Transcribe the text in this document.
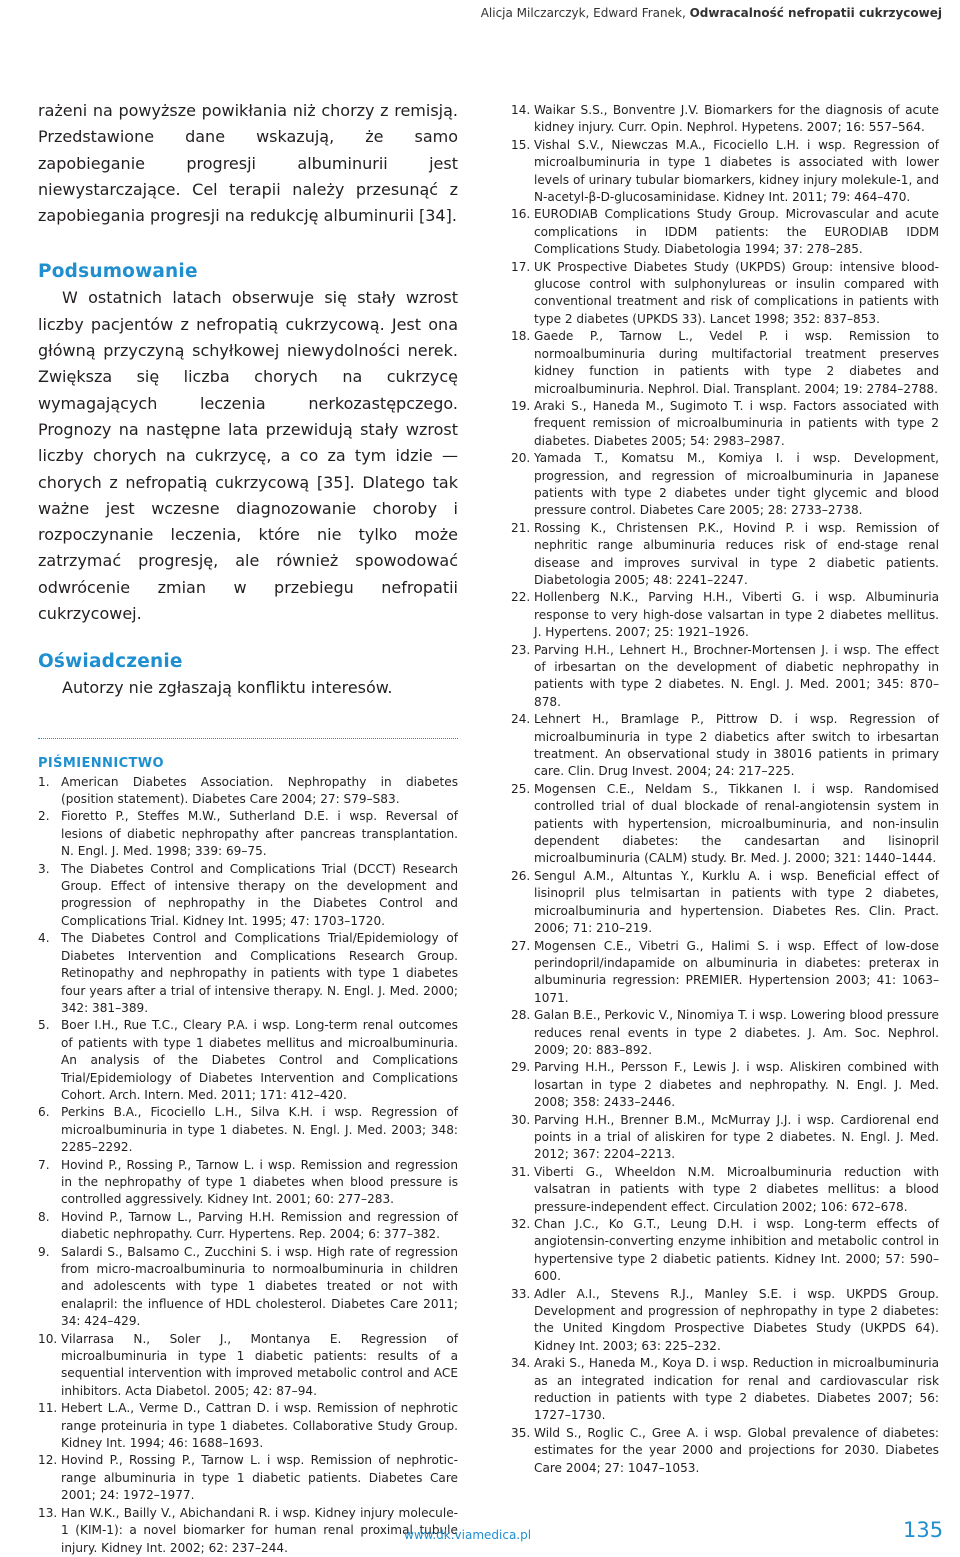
Alicja Milczarczyk, Edward Franek, Odwracalność nefropatii cukrzycowej

rażeni na powyższe powikłania niż chorzy z remisją. Przedstawione dane wskazują, że samo zapobieganie progresji albuminurii jest niewystarczające. Cel terapii należy przesunąć z zapobiegania progresji na redukcję albuminurii [34].

Podsumowanie

W ostatnich latach obserwuje się stały wzrost liczby pacjentów z nefropatią cukrzycową. Jest ona główną przyczyną schyłkowej niewydolności nerek. Zwiększa się liczba chorych na cukrzycę wymagających leczenia nerkozastępczego. Prognozy na następne lata przewidują stały wzrost liczby chorych na cukrzycę, a co za tym idzie — chorych z nefropatią cukrzycową [35]. Dlatego tak ważne jest wczesne diagnozowanie choroby i rozpoczynanie leczenia, które nie tylko może zatrzymać progresję, ale również spowodować odwrócenie zmian w przebiegu nefropatii cukrzycowej.

Oświadczenie

Autorzy nie zgłaszają konfliktu interesów.

PIŚMIENNICTWO
1. American Diabetes Association. Nephropathy in diabetes (position statement). Diabetes Care 2004; 27: S79–S83.
2. Fioretto P., Steffes M.W., Sutherland D.E. i wsp. Reversal of lesions of diabetic nephropathy after pancreas transplantation. N. Engl. J. Med. 1998; 339: 69–75.
3. The Diabetes Control and Complications Trial (DCCT) Research Group. Effect of intensive therapy on the development and progression of nephropathy in the Diabetes Control and Complications Trial. Kidney Int. 1995; 47: 1703–1720.
4. The Diabetes Control and Complications Trial/Epidemiology of Diabetes Intervention and Complications Research Group. Retinopathy and nephropathy in patients with type 1 diabetes four years after a trial of intensive therapy. N. Engl. J. Med. 2000; 342: 381–389.
5. Boer I.H., Rue T.C., Cleary P.A. i wsp. Long-term renal outcomes of patients with type 1 diabetes mellitus and microalbuminuria. An analysis of the Diabetes Control and Complications Trial/Epidemiology of Diabetes Intervention and Complications Cohort. Arch. Intern. Med. 2011; 171: 412–420.
6. Perkins B.A., Ficociello L.H., Silva K.H. i wsp. Regression of microalbuminuria in type 1 diabetes. N. Engl. J. Med. 2003; 348: 2285–2292.
7. Hovind P., Rossing P., Tarnow L. i wsp. Remission and regression in the nephropathy of type 1 diabetes when blood pressure is controlled aggressively. Kidney Int. 2001; 60: 277–283.
8. Hovind P., Tarnow L., Parving H.H. Remission and regression of diabetic nephropathy. Curr. Hypertens. Rep. 2004; 6: 377–382.
9. Salardi S., Balsamo C., Zucchini S. i wsp. High rate of regression from micro-macroalbuminuria to normoalbuminuria in children and adolescents with type 1 diabetes treated or not with enalapril: the influence of HDL cholesterol. Diabetes Care 2011; 34: 424–429.
10. Vilarrasa N., Soler J., Montanya E. Regression of microalbuminuria in type 1 diabetic patients: results of a sequential intervention with improved metabolic control and ACE inhibitors. Acta Diabetol. 2005; 42: 87–94.
11. Hebert L.A., Verme D., Cattran D. i wsp. Remission of nephrotic range proteinuria in type 1 diabetes. Collaborative Study Group. Kidney Int. 1994; 46: 1688–1693.
12. Hovind P., Rossing P., Tarnow L. i wsp. Remission of nephrotic-range albuminuria in type 1 diabetic patients. Diabetes Care 2001; 24: 1972–1977.
13. Han W.K., Bailly V., Abichandani R. i wsp. Kidney injury molecule-1 (KIM-1): a novel biomarker for human renal proximal tubule injury. Kidney Int. 2002; 62: 237–244.
14. Waikar S.S., Bonventre J.V. Biomarkers for the diagnosis of acute kidney injury. Curr. Opin. Nephrol. Hypetens. 2007; 16: 557–564.
15. Vishal S.V., Niewczas M.A., Ficociello L.H. i wsp. Regression of microalbuminuria in type 1 diabetes is associated with lower levels of urinary tubular biomarkers, kidney injury molekule-1, and N-acetyl-β-D-glucosaminidase. Kidney Int. 2011; 79: 464–470.
16. EURODIAB Complications Study Group. Microvascular and acute complications in IDDM patients: the EURODIAB IDDM Complications Study. Diabetologia 1994; 37: 278–285.
17. UK Prospective Diabetes Study (UKPDS) Group: intensive blood-glucose control with sulphonylureas or insulin compared with conventional treatment and risk of complications in patients with type 2 diabetes (UPKDS 33). Lancet 1998; 352: 837–853.
18. Gaede P., Tarnow L., Vedel P. i wsp. Remission to normoalbuminuria during multifactorial treatment preserves kidney function in patients with type 2 diabetes and microalbuminuria. Nephrol. Dial. Transplant. 2004; 19: 2784–2788.
19. Araki S., Haneda M., Sugimoto T. i wsp. Factors associated with frequent remission of microalbuminuria in patients with type 2 diabetes. Diabetes 2005; 54: 2983–2987.
20. Yamada T., Komatsu M., Komiya I. i wsp. Development, progression, and regression of microalbuminuria in Japanese patients with type 2 diabetes under tight glycemic and blood pressure control. Diabetes Care 2005; 28: 2733–2738.
21. Rossing K., Christensen P.K., Hovind P. i wsp. Remission of nephritic range albuminuria reduces risk of end-stage renal disease and improves survival in type 2 diabetic patients. Diabetologia 2005; 48: 2241–2247.
22. Hollenberg N.K., Parving H.H., Viberti G. i wsp. Albuminuria response to very high-dose valsartan in type 2 diabetes mellitus. J. Hypertens. 2007; 25: 1921–1926.
23. Parving H.H., Lehnert H., Brochner-Mortensen J. i wsp. The effect of irbesartan on the development of diabetic nephropathy in patients with type 2 diabetes. N. Engl. J. Med. 2001; 345: 870–878.
24. Lehnert H., Bramlage P., Pittrow D. i wsp. Regression of microalbuminuria in type 2 diabetics after switch to irbesartan treatment. An observational study in 38016 patients in primary care. Clin. Drug Invest. 2004; 24: 217–225.
25. Mogensen C.E., Neldam S., Tikkanen I. i wsp. Randomised controlled trial of dual blockade of renal-angiotensin system in patients with hypertension, microalbuminuria, and non-insulin dependent diabetes: the candesartan and lisinopril microalbuminuria (CALM) study. Br. Med. J. 2000; 321: 1440–1444.
26. Sengul A.M., Altuntas Y., Kurklu A. i wsp. Beneficial effect of lisinopril plus telmisartan in patients with type 2 diabetes, microalbuminuria and hypertension. Diabetes Res. Clin. Pract. 2006; 71: 210–219.
27. Mogensen C.E., Vibetri G., Halimi S. i wsp. Effect of low-dose perindopril/indapamide on albuminuria in diabetes: preterax in albuminuria regression: PREMIER. Hypertension 2003; 41: 1063–1071.
28. Galan B.E., Perkovic V., Ninomiya T. i wsp. Lowering blood pressure reduces renal events in type 2 diabetes. J. Am. Soc. Nephrol. 2009; 20: 883–892.
29. Parving H.H., Persson F., Lewis J. i wsp. Aliskiren combined with losartan in type 2 diabetes and nephropathy. N. Engl. J. Med. 2008; 358: 2433–2446.
30. Parving H.H., Brenner B.M., McMurray J.J. i wsp. Cardiorenal end points in a trial of aliskiren for type 2 diabetes. N. Engl. J. Med. 2012; 367: 2204–2213.
31. Viberti G., Wheeldon N.M. Microalbuminuria reduction with valsatran in patients with type 2 diabetes mellitus: a blood pressure-independent effect. Circulation 2002; 106: 672–678.
32. Chan J.C., Ko G.T., Leung D.H. i wsp. Long-term effects of angiotensin-converting enzyme inhibition and metabolic control in hypertensive type 2 diabetic patients. Kidney Int. 2000; 57: 590–600.
33. Adler A.I., Stevens R.J., Manley S.E. i wsp. UKPDS Group. Development and progression of nephropathy in type 2 diabetes: the United Kingdom Prospective Diabetes Study (UKPDS 64). Kidney Int. 2003; 63: 225–232.
34. Araki S., Haneda M., Koya D. i wsp. Reduction in microalbuminuria as an integrated indication for renal and cardiovascular risk reduction in patients with type 2 diabetes. Diabetes 2007; 56: 1727–1730.
35. Wild S., Roglic C., Gree A. i wsp. Global prevalence of diabetes: estimates for the year 2000 and projections for 2030. Diabetes Care 2004; 27: 1047–1053.
www.dk.viamedica.pl	135
